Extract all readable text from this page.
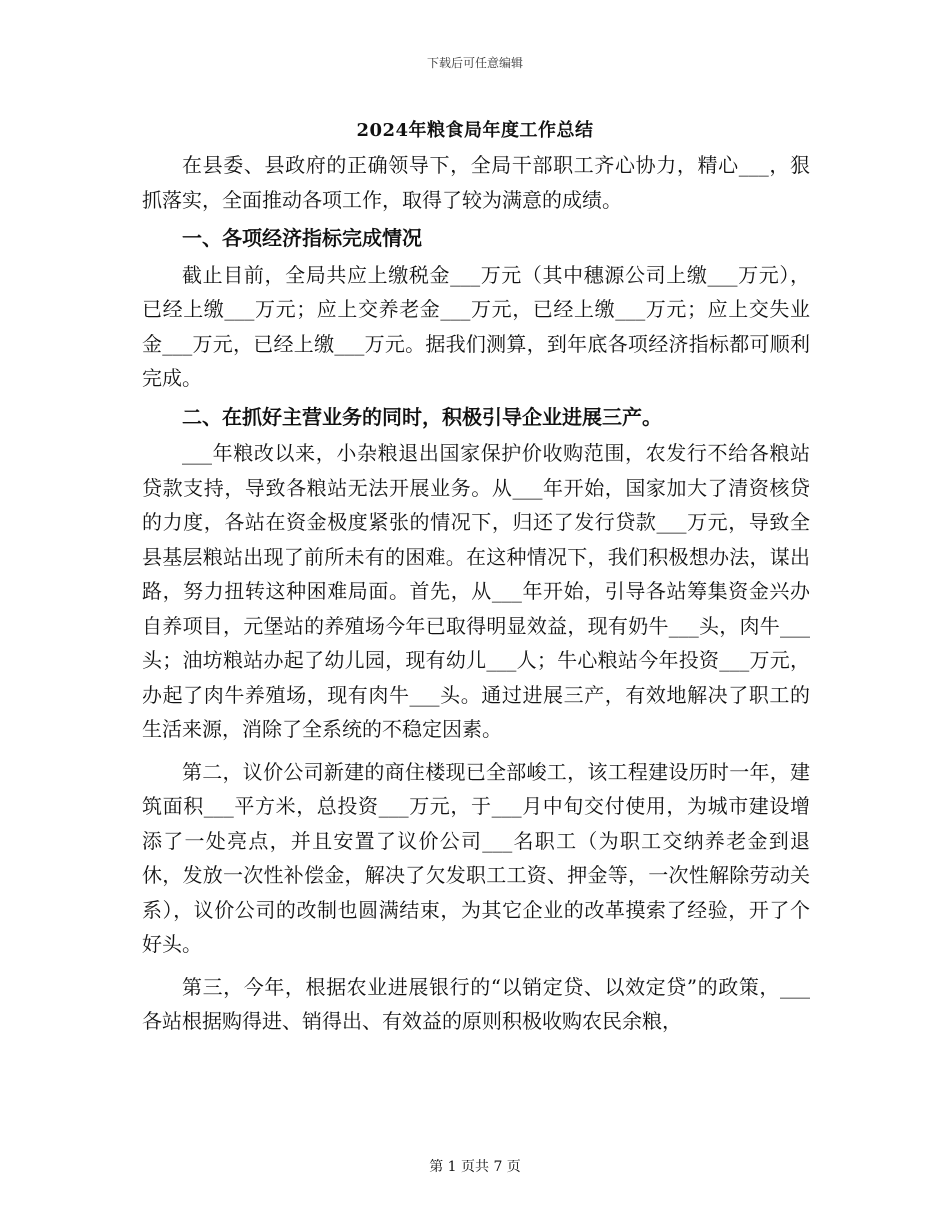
下载后可任意编辑
2024年粮食局年度工作总结

在县委、县政府的正确领导下，全局干部职工齐心协力，精心___，狠抓落实，全面推动各项工作，取得了较为满意的成绩。

一、各项经济指标完成情况

截止目前，全局共应上缴税金___万元（其中穗源公司上缴___万元），已经上缴___万元；应上交养老金___万元，已经上缴___万元；应上交失业金___万元，已经上缴___万元。据我们测算，到年底各项经济指标都可顺利完成。

二、在抓好主营业务的同时，积极引导企业进展三产。

___年粮改以来，小杂粮退出国家保护价收购范围，农发行不给各粮站贷款支持，导致各粮站无法开展业务。从___年开始，国家加大了清资核贷的力度，各站在资金极度紧张的情况下，归还了发行贷款___万元，导致全县基层粮站出现了前所未有的困难。在这种情况下，我们积极想办法，谋出路，努力扭转这种困难局面。首先，从___年开始，引导各站筹集资金兴办自养项目，元堡站的养殖场今年已取得明显效益，现有奶牛___头，肉牛___头；油坊粮站办起了幼儿园，现有幼儿___人；牛心粮站今年投资___万元，办起了肉牛养殖场，现有肉牛___头。通过进展三产，有效地解决了职工的生活来源，消除了全系统的不稳定因素。

第二，议价公司新建的商住楼现已全部峻工，该工程建设历时一年，建筑面积___平方米，总投资___万元，于___月中旬交付使用，为城市建设增添了一处亮点，并且安置了议价公司___名职工（为职工交纳养老金到退休，发放一次性补偿金，解决了欠发职工工资、押金等，一次性解除劳动关系），议价公司的改制也圆满结束，为其它企业的改革摸索了经验，开了个好头。

第三，今年，根据农业进展银行的“以销定贷、以效定贷”的政策，___各站根据购得进、销得出、有效益的原则积极收购农民余粮，

第 1 页共 7 页
